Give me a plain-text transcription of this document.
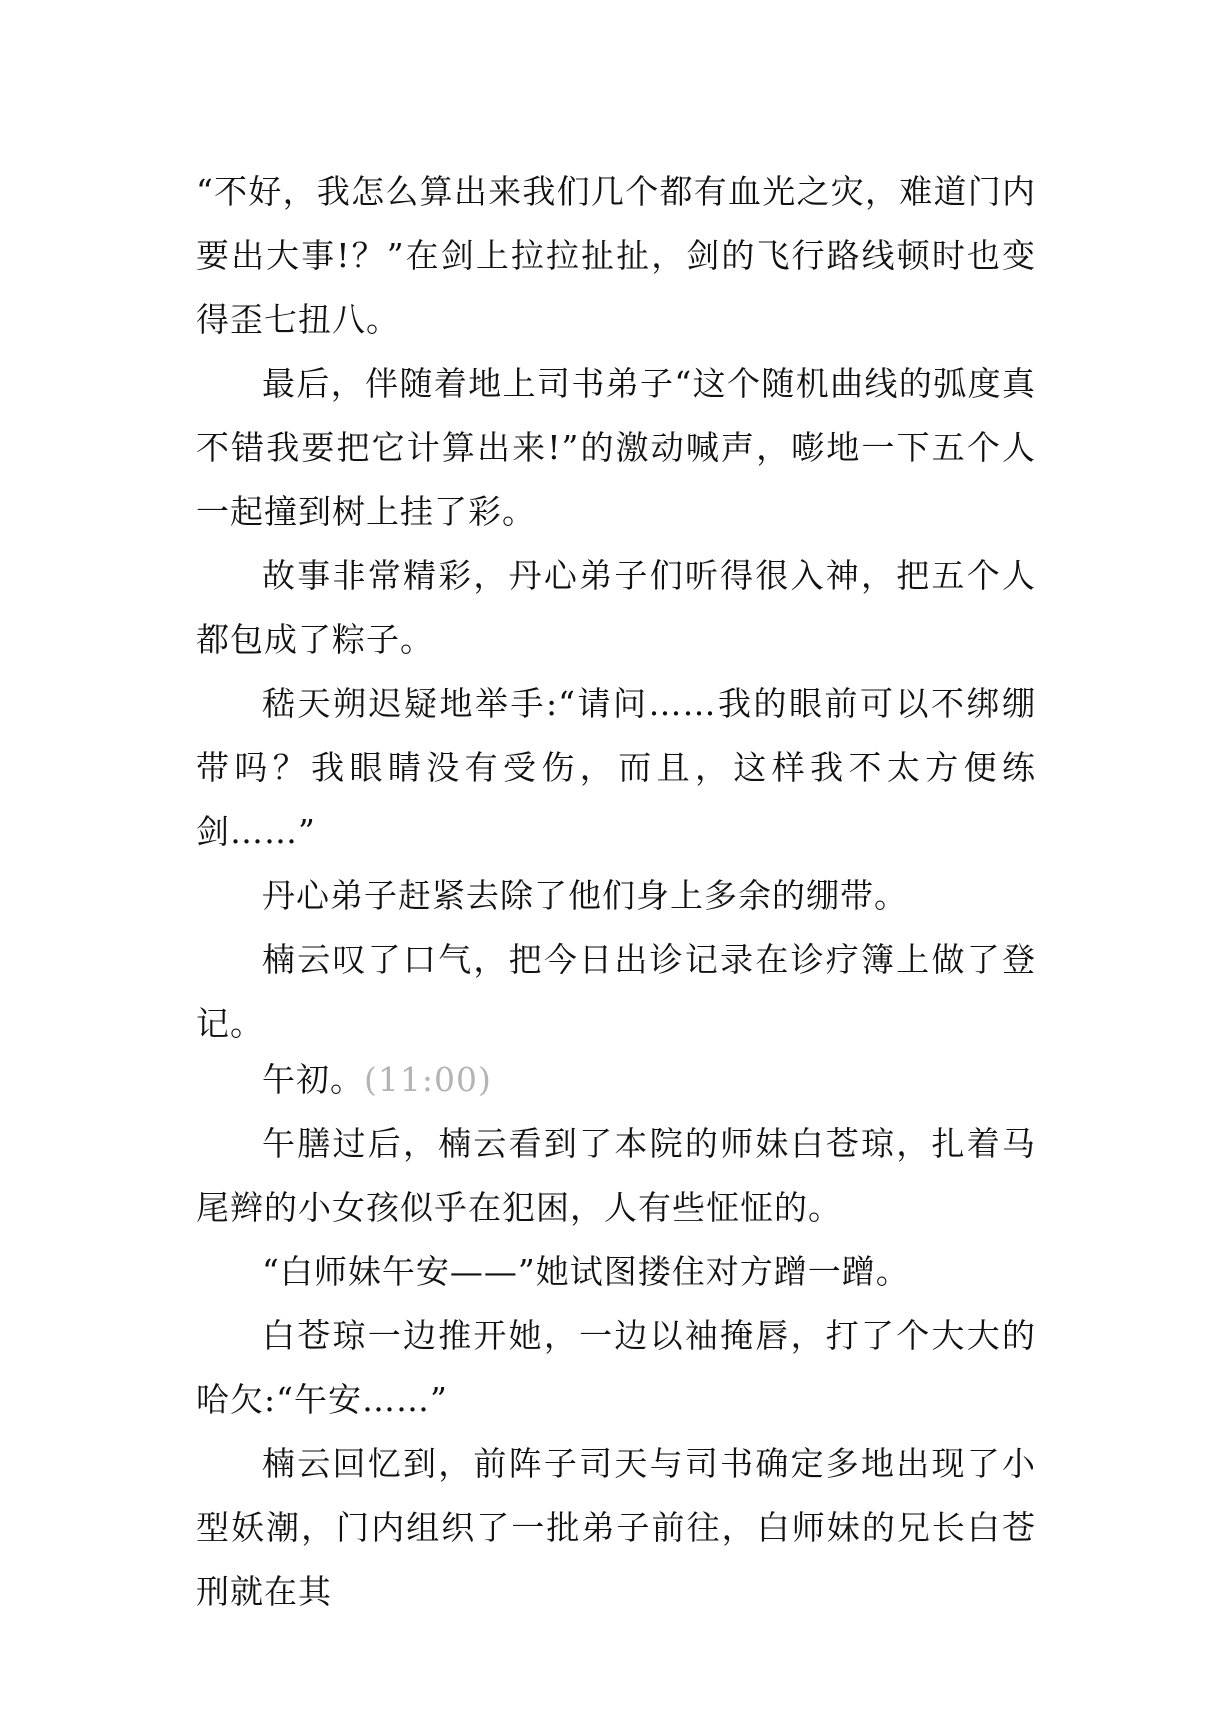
“不好，我怎么算出来我们几个都有血光之灾，难道门内要出大事!？”在剑上拉拉扯扯，剑的飞行路线顿时也变得歪七扭八。

最后，伴随着地上司书弟子“这个随机曲线的弧度真不错我要把它计算出来!”的激动喊声，嘭地一下五个人一起撞到树上挂了彩。

故事非常精彩，丹心弟子们听得很入神，把五个人都包成了粽子。

嵇天朔迟疑地举手:“请问……我的眼前可以不绑绷带吗？我眼睛没有受伤，而且，这样我不太方便练剑……”

丹心弟子赶紧去除了他们身上多余的绷带。

楠云叹了口气，把今日出诊记录在诊疗簿上做了登记。

午初。(11:00)

午膳过后，楠云看到了本院的师妹白苍琼，扎着马尾辫的小女孩似乎在犯困，人有些怔怔的。

“白师妹午安——”她试图搂住对方蹭一蹭。

白苍琼一边推开她，一边以袖掩唇，打了个大大的哈欠:“午安……”

楠云回忆到，前阵子司天与司书确定多地出现了小型妖潮，门内组织了一批弟子前往，白师妹的兄长白苍刑就在其
